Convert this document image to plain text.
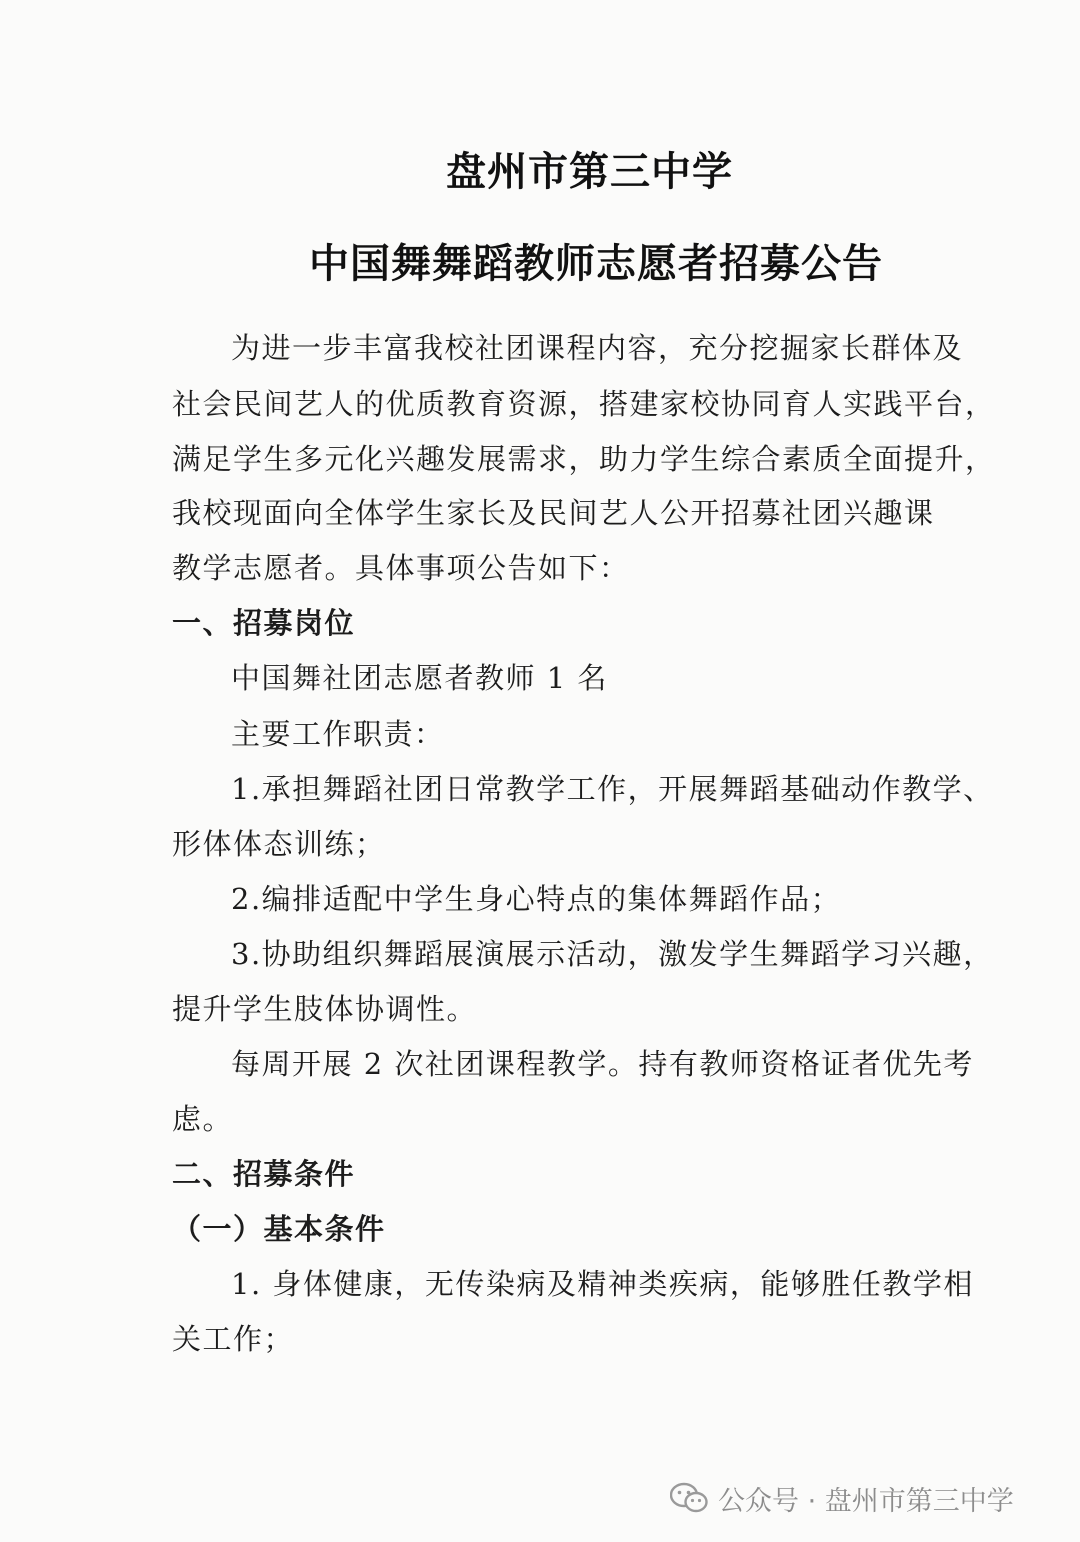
盘州市第三中学
中国舞舞蹈教师志愿者招募公告
为进一步丰富我校社团课程内容，充分挖掘家长群体及
社会民间艺人的优质教育资源，搭建家校协同育人实践平台，
满足学生多元化兴趣发展需求，助力学生综合素质全面提升，
我校现面向全体学生家长及民间艺人公开招募社团兴趣课
教学志愿者。具体事项公告如下：
一、招募岗位
中国舞社团志愿者教师 1 名
主要工作职责：
1.承担舞蹈社团日常教学工作，开展舞蹈基础动作教学、
形体体态训练；
2.编排适配中学生身心特点的集体舞蹈作品；
3.协助组织舞蹈展演展示活动，激发学生舞蹈学习兴趣，
提升学生肢体协调性。
每周开展 2 次社团课程教学。持有教师资格证者优先考
虑。
二、招募条件
（一）基本条件
1. 身体健康，无传染病及精神类疾病，能够胜任教学相
关工作；
公众号 · 盘州市第三中学
